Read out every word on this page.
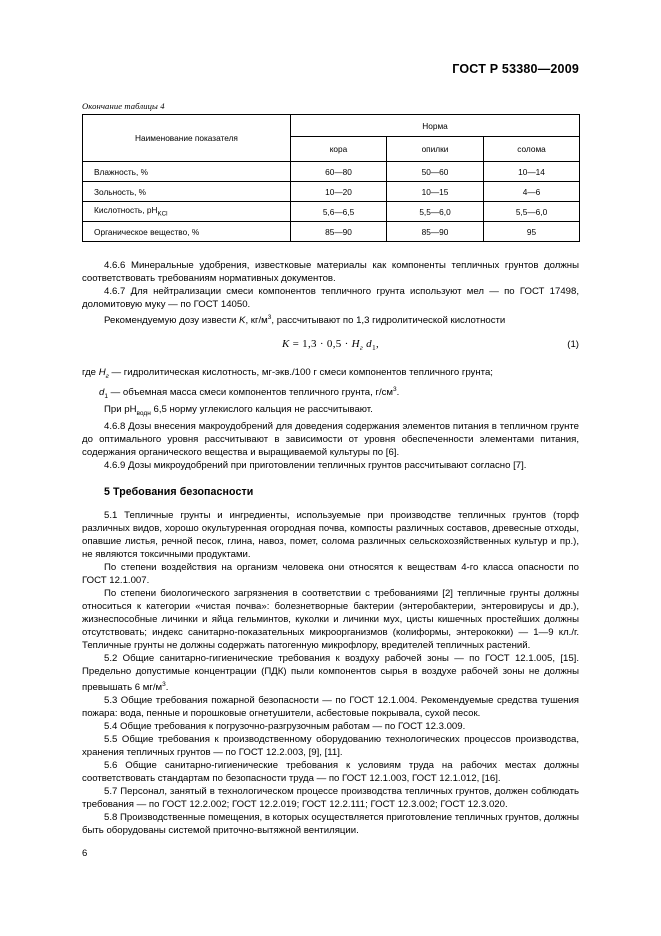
ГОСТ Р 53380—2009
Окончание таблицы 4
Наименование показателя	Норма		
	кора	опилки	солома
Влажность, %	60—80	50—60	10—14
Зольность, %	10—20	10—15	4—6
Кислотность, $рН_{KCl}$	5,6—6,5	5,5—6,0	5,5—6,0
Органическое вещество, %	85—90	85—90	95

4.6.6 Минеральные удобрения, известковые материалы как компоненты тепличных грунтов должны соответствовать требованиям нормативных документов.

4.6.7 Для нейтрализации смеси компонентов тепличного грунта используют мел — по ГОСТ 17498, доломитовую муку — по ГОСТ 14050.

Рекомендуемую дозу извести K, $кг/м^3$, рассчитывают по 1,3 гидролитической кислотности

$K = 1,3 \cdot 0,5 \cdot H_г$ $d_1$,	(1)

где $H_г$ — гидролитическая кислотность, мг-экв./100 г смеси компонентов тепличного грунта;

$d_1$ — объемная масса смеси компонентов тепличного грунта, $г/см^3$.

При $рН_{водн}$ 6,5 норму углекислого кальция не рассчитывают.

4.6.8 Дозы внесения макроудобрений для доведения содержания элементов питания в тепличном грунте до оптимального уровня рассчитывают в зависимости от уровня обеспеченности элементами питания, содержания органического вещества и выращиваемой культуры по [6].

4.6.9 Дозы микроудобрений при приготовлении тепличных грунтов рассчитывают согласно [7].

5 Требования безопасности

5.1 Тепличные грунты и ингредиенты, используемые при производстве тепличных грунтов (торф различных видов, хорошо окультуренная огородная почва, компосты различных составов, древесные отходы, опавшие листья, речной песок, глина, навоз, помет, солома различных сельскохозяйственных культур и пр.), не являются токсичными продуктами.

По степени воздействия на организм человека они относятся к веществам 4-го класса опасности по ГОСТ 12.1.007.

По степени биологического загрязнения в соответствии с требованиями [2] тепличные грунты должны относиться к категории «чистая почва»: болезнетворные бактерии (энтеробактерии, энтеровирусы и др.), жизнеспособные личинки и яйца гельминтов, куколки и личинки мух, цисты кишечных простейших должны отсутствовать; индекс санитарно-показательных микроорганизмов (колиформы, энтерококки) — 1—9 кл./г. Тепличные грунты не должны содержать патогенную микрофлору, вредителей тепличных растений.

5.2 Общие санитарно-гигиенические требования к воздуху рабочей зоны — по ГОСТ 12.1.005, [15]. Предельно допустимые концентрации (ПДК) пыли компонентов сырья в воздухе рабочей зоны не должны превышать 6 $мг/м^3$.

5.3 Общие требования пожарной безопасности — по ГОСТ 12.1.004. Рекомендуемые средства тушения пожара: вода, пенные и порошковые огнетушители, асбестовые покрывала, сухой песок.

5.4 Общие требования к погрузочно-разгрузочным работам — по ГОСТ 12.3.009.

5.5 Общие требования к производственному оборудованию технологических процессов производства, хранения тепличных грунтов — по ГОСТ 12.2.003, [9], [11].

5.6 Общие санитарно-гигиенические требования к условиям труда на рабочих местах должны соответствовать стандартам по безопасности труда — по ГОСТ 12.1.003, ГОСТ 12.1.012, [16].

5.7 Персонал, занятый в технологическом процессе производства тепличных грунтов, должен соблюдать требования — по ГОСТ 12.2.002; ГОСТ 12.2.019; ГОСТ 12.2.111; ГОСТ 12.3.002; ГОСТ 12.3.020.

5.8 Производственные помещения, в которых осуществляется приготовление тепличных грунтов, должны быть оборудованы системой приточно-вытяжной вентиляции.

6
